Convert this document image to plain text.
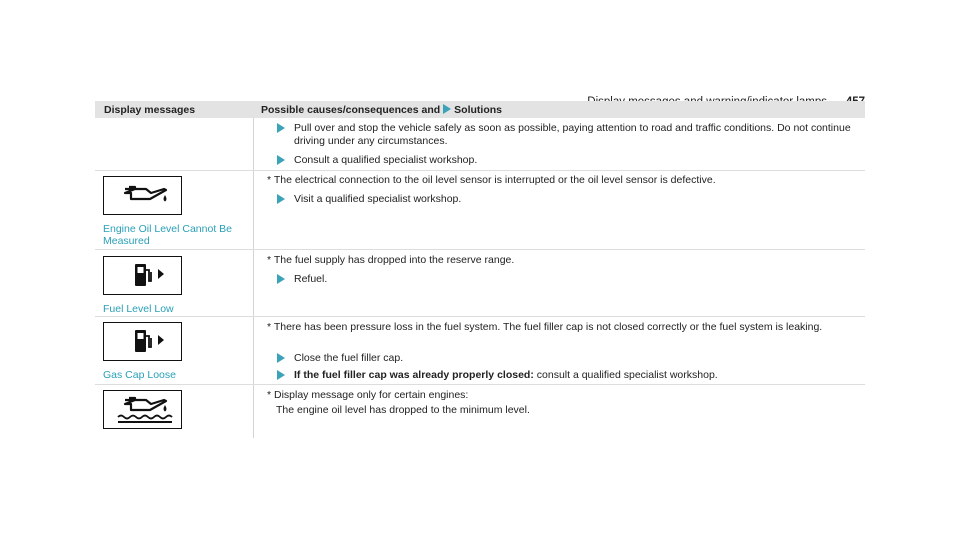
Display messages	Possible causes/consequences and Solutions
Pull over and stop the vehicle safely as soon as possible, paying attention to road and traffic conditions. Do not continue driving under any circumstances.
Consult a qualified specialist workshop.
Engine Oil Level Cannot Be Measured
* The electrical connection to the oil level sensor is interrupted or the oil level sensor is defective.
Visit a qualified specialist workshop.
Fuel Level Low
* The fuel supply has dropped into the reserve range.
Refuel.
Gas Cap Loose
* There has been pressure loss in the fuel system. The fuel filler cap is not closed correctly or the fuel system is leaking.
Close the fuel filler cap.
If the fuel filler cap was already properly closed: consult a qualified specialist workshop.
* Display message only for certain engines:
The engine oil level has dropped to the minimum level.
